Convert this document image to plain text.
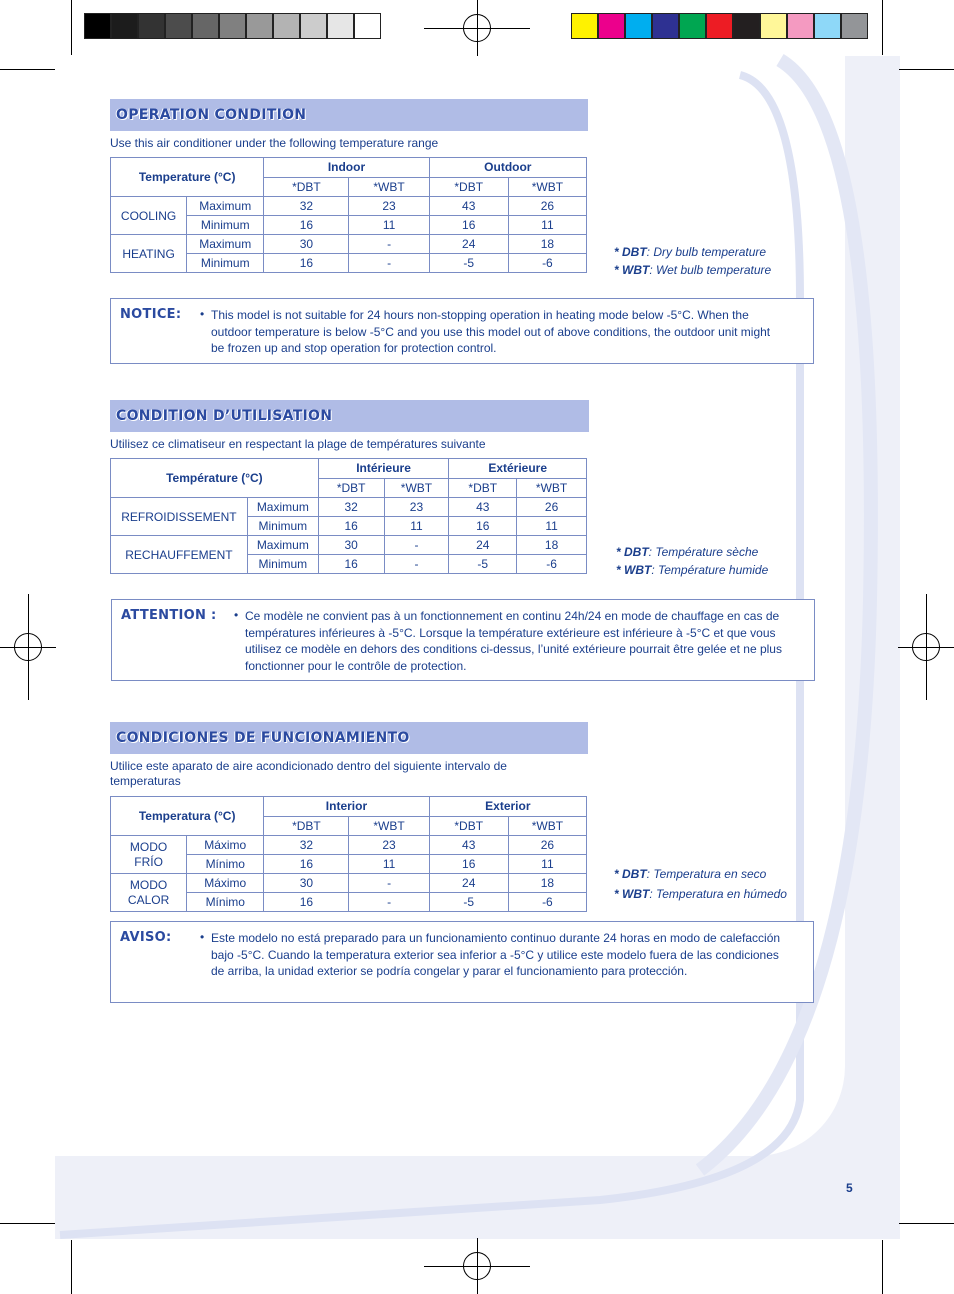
OPERATION CONDITION
Use this air conditioner under the following temperature range
Temperature (°C)		Indoor		Outdoor	
		*DBT	*WBT	*DBT	*WBT
COOLING	Maximum	32	23	43	26
	Minimum	16	11	16	11
HEATING	Maximum	30	-	24	18
	Minimum	16	-	-5	-6
* DBT: Dry bulb temperature
* WBT: Wet bulb temperature
NOTICE: • This model is not suitable for 24 hours non-stopping operation in heating mode below -5°C. When the outdoor temperature is below -5°C and you use this model out of above conditions, the outdoor unit might be frozen up and stop operation for protection control.
CONDITION D’UTILISATION
Utilisez ce climatiseur en respectant la plage de températures suivante
Température (°C)		Intérieure		Extérieure	
		*DBT	*WBT	*DBT	*WBT
REFROIDISSEMENT	Maximum	32	23	43	26
	Minimum	16	11	16	11
RECHAUFFEMENT	Maximum	30	-	24	18
	Minimum	16	-	-5	-6
* DBT: Température sèche
* WBT: Température humide
ATTENTION : • Ce modèle ne convient pas à un fonctionnement en continu 24h/24 en mode de chauffage en cas de températures inférieures à -5°C. Lorsque la température extérieure est inférieure à -5°C et que vous utilisez ce modèle en dehors des conditions ci-dessus, l’unité extérieure pourrait être gelée et ne plus fonctionner pour le contrôle de protection.
CONDICIONES DE FUNCIONAMIENTO
Utilice este aparato de aire acondicionado dentro del siguiente intervalo de temperaturas
Temperatura (°C)		Interior		Exterior	
		*DBT	*WBT	*DBT	*WBT
MODO FRÍO	Máximo	32	23	43	26
	Mínimo	16	11	16	11
MODO CALOR	Máximo	30	-	24	18
	Mínimo	16	-	-5	-6
* DBT: Temperatura en seco
* WBT: Temperatura en húmedo
AVISO: • Este modelo no está preparado para un funcionamiento continuo durante 24 horas en modo de calefacción bajo -5°C. Cuando la temperatura exterior sea inferior a -5°C y utilice este modelo fuera de las condiciones de arriba, la unidad exterior se podría congelar y parar el funcionamiento para protección.
5
